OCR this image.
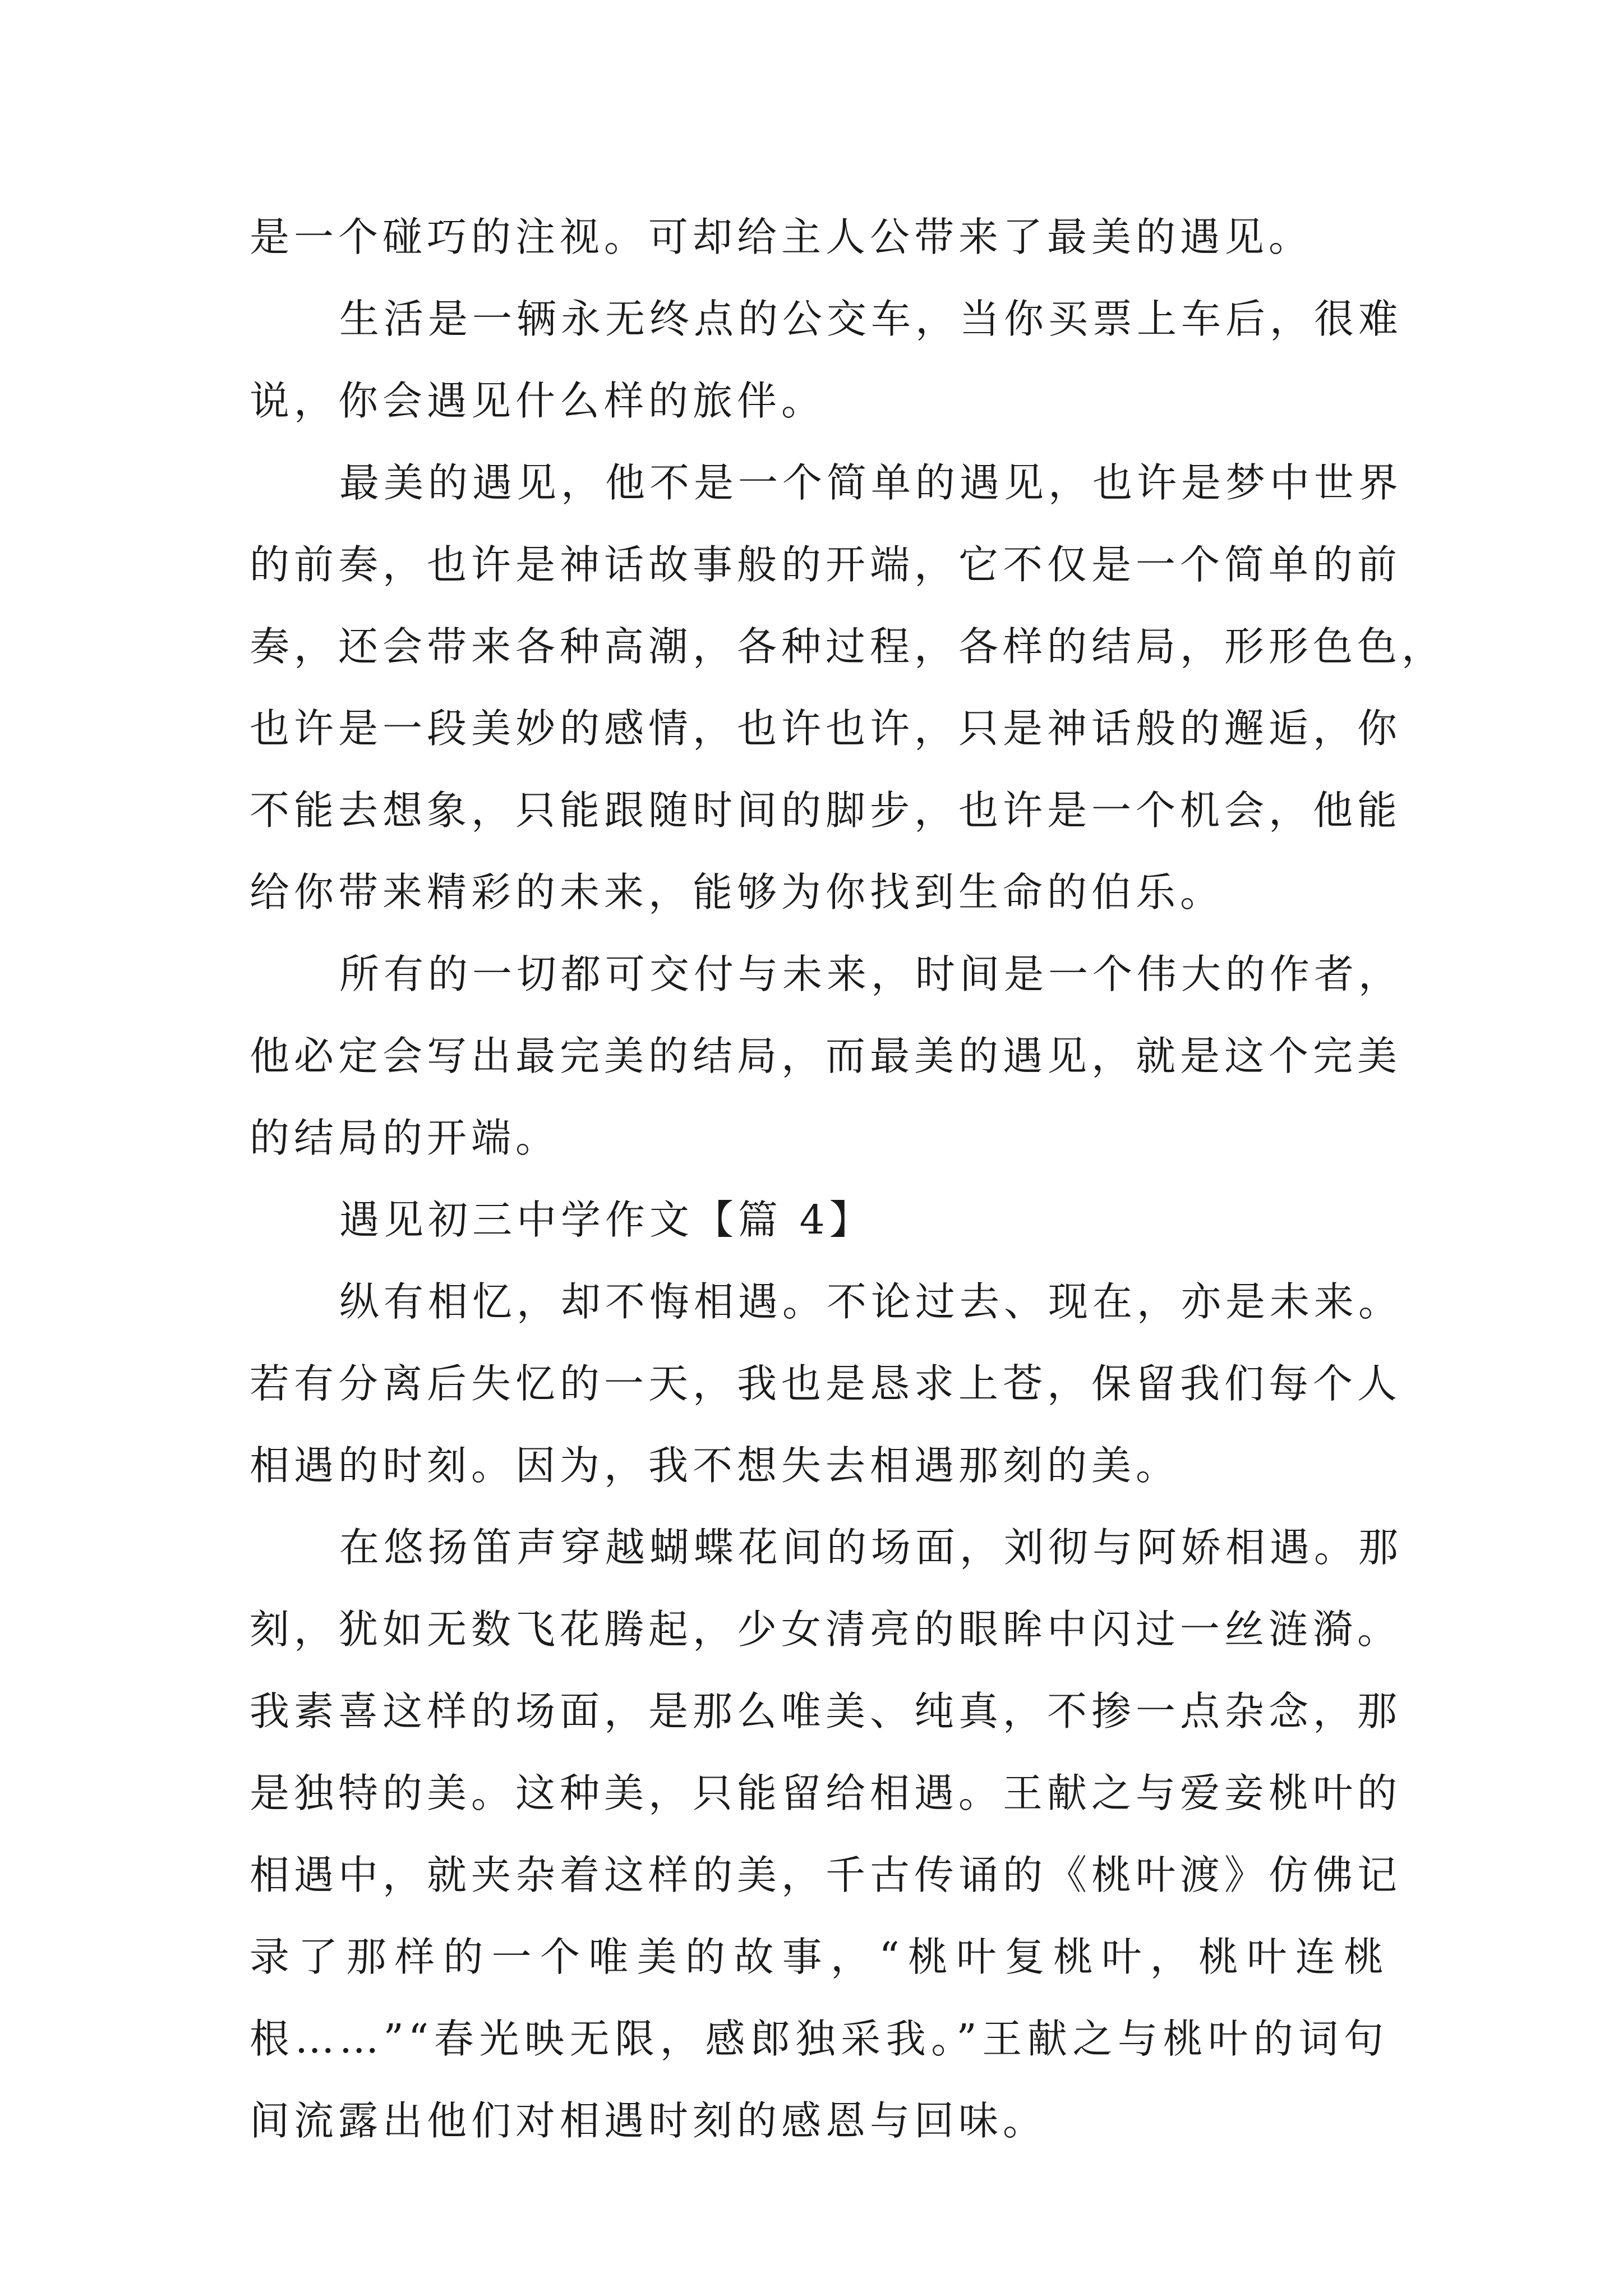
是一个碰巧的注视。可却给主人公带来了最美的遇见。
生活是一辆永无终点的公交车，当你买票上车后，很难
说，你会遇见什么样的旅伴。
最美的遇见，他不是一个简单的遇见，也许是梦中世界
的前奏，也许是神话故事般的开端，它不仅是一个简单的前
奏，还会带来各种高潮，各种过程，各样的结局，形形色色，
也许是一段美妙的感情，也许也许，只是神话般的邂逅，你
不能去想象，只能跟随时间的脚步，也许是一个机会，他能
给你带来精彩的未来，能够为你找到生命的伯乐。
所有的一切都可交付与未来，时间是一个伟大的作者，
他必定会写出最完美的结局，而最美的遇见，就是这个完美
的结局的开端。
遇见初三中学作文【篇 4】
纵有相忆，却不悔相遇。不论过去、现在，亦是未来。
若有分离后失忆的一天，我也是恳求上苍，保留我们每个人
相遇的时刻。因为，我不想失去相遇那刻的美。
在悠扬笛声穿越蝴蝶花间的场面，刘彻与阿娇相遇。那
刻，犹如无数飞花腾起，少女清亮的眼眸中闪过一丝涟漪。
我素喜这样的场面，是那么唯美、纯真，不掺一点杂念，那
是独特的美。这种美，只能留给相遇。王献之与爱妾桃叶的
相遇中，就夹杂着这样的美，千古传诵的《桃叶渡》仿佛记
录了那样的一个唯美的故事，“桃叶复桃叶，桃叶连桃
根……”“春光映无限，感郎独采我。”王献之与桃叶的词句
间流露出他们对相遇时刻的感恩与回味。
